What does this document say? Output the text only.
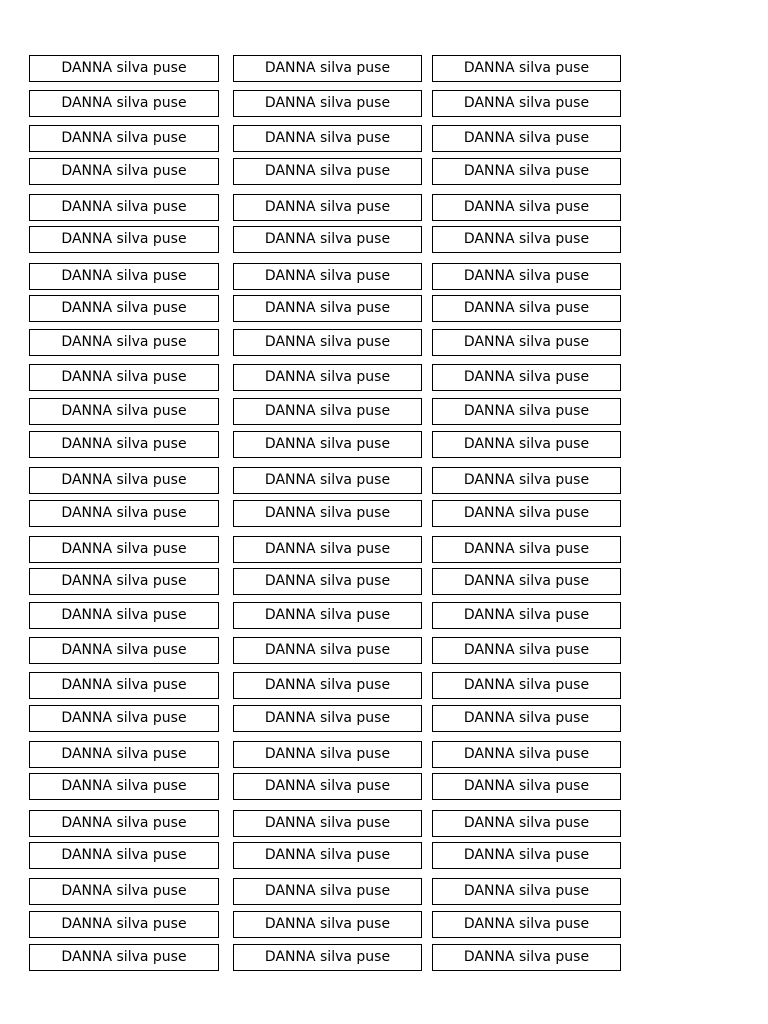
DANNA silva puse	DANNA silva puse	DANNA silva puse
DANNA silva puse	DANNA silva puse	DANNA silva puse
DANNA silva puse	DANNA silva puse	DANNA silva puse
DANNA silva puse	DANNA silva puse	DANNA silva puse
DANNA silva puse	DANNA silva puse	DANNA silva puse
DANNA silva puse	DANNA silva puse	DANNA silva puse
DANNA silva puse	DANNA silva puse	DANNA silva puse
DANNA silva puse	DANNA silva puse	DANNA silva puse
DANNA silva puse	DANNA silva puse	DANNA silva puse
DANNA silva puse	DANNA silva puse	DANNA silva puse
DANNA silva puse	DANNA silva puse	DANNA silva puse
DANNA silva puse	DANNA silva puse	DANNA silva puse
DANNA silva puse	DANNA silva puse	DANNA silva puse
DANNA silva puse	DANNA silva puse	DANNA silva puse
DANNA silva puse	DANNA silva puse	DANNA silva puse
DANNA silva puse	DANNA silva puse	DANNA silva puse
DANNA silva puse	DANNA silva puse	DANNA silva puse
DANNA silva puse	DANNA silva puse	DANNA silva puse
DANNA silva puse	DANNA silva puse	DANNA silva puse
DANNA silva puse	DANNA silva puse	DANNA silva puse
DANNA silva puse	DANNA silva puse	DANNA silva puse
DANNA silva puse	DANNA silva puse	DANNA silva puse
DANNA silva puse	DANNA silva puse	DANNA silva puse
DANNA silva puse	DANNA silva puse	DANNA silva puse
DANNA silva puse	DANNA silva puse	DANNA silva puse
DANNA silva puse	DANNA silva puse	DANNA silva puse
DANNA silva puse	DANNA silva puse	DANNA silva puse
